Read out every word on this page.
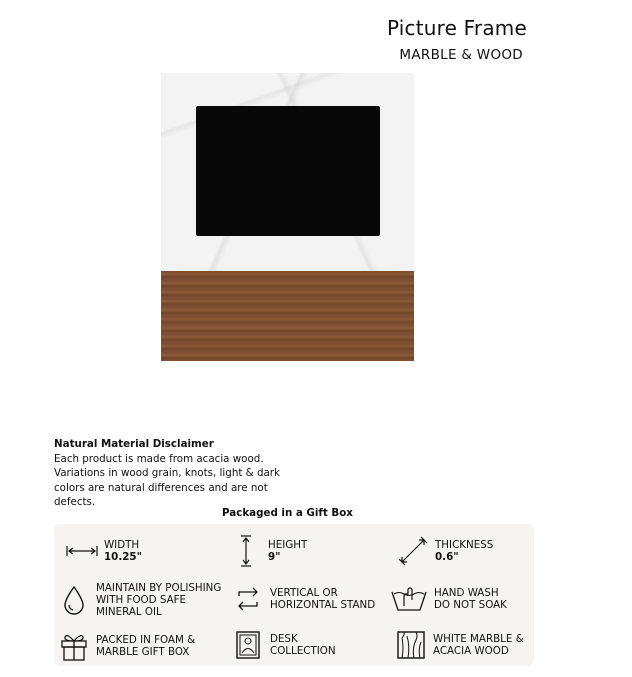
Picture Frame
MARBLE & WOOD
Natural Material Disclaimer
Each product is made from acacia wood.
Variations in wood grain, knots, light & dark
colors are natural differences and are not
defects.
Packaged in a Gift Box
WIDTH
10.25"
HEIGHT
9"
THICKNESS
0.6"
MAINTAIN BY POLISHING
WITH FOOD SAFE
MINERAL OIL
VERTICAL OR
HORIZONTAL STAND
HAND WASH
DO NOT SOAK
PACKED IN FOAM &
MARBLE GIFT BOX
DESK
COLLECTION
WHITE MARBLE &
ACACIA WOOD
